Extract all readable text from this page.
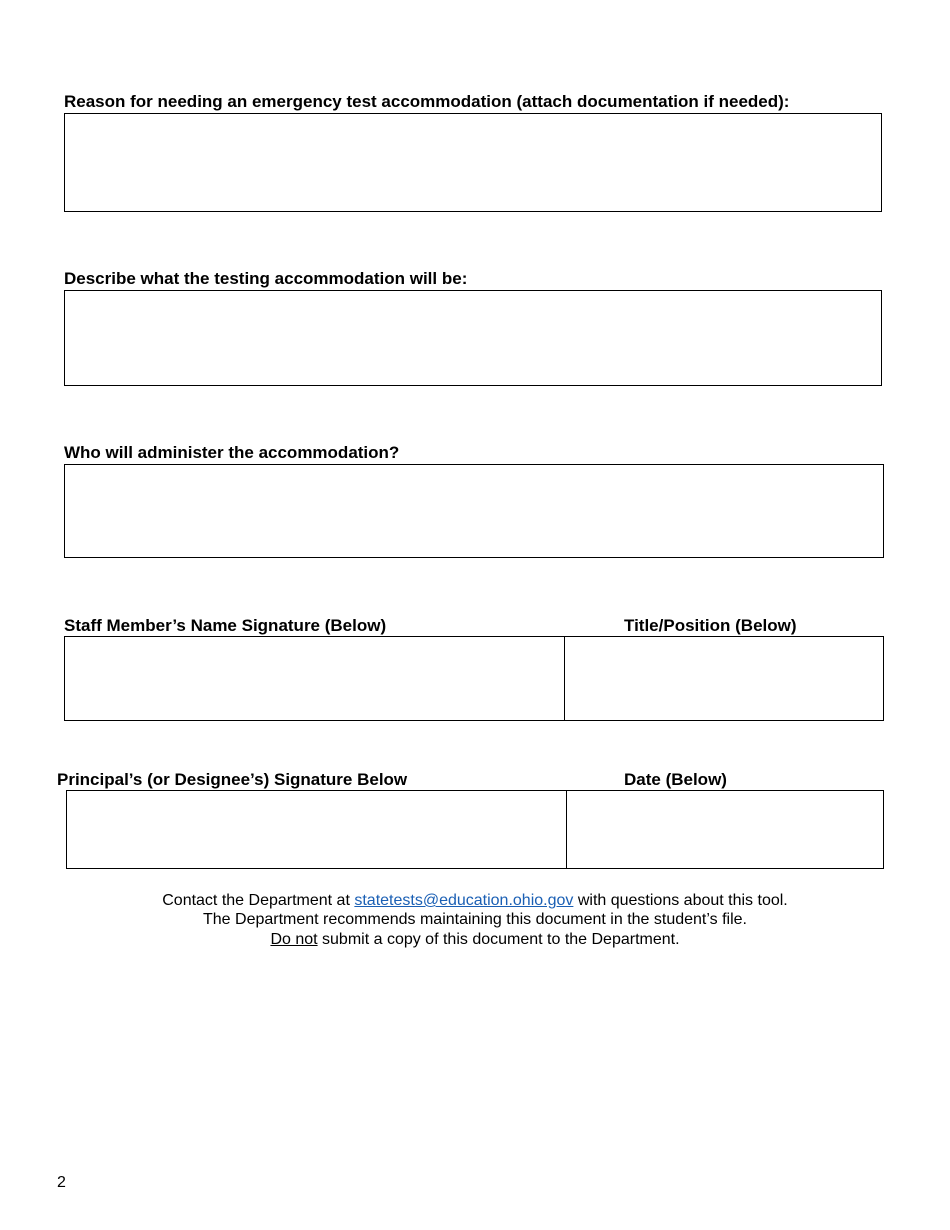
Reason for needing an emergency test accommodation (attach documentation if needed):
Describe what the testing accommodation will be:
Who will administer the accommodation?
Staff Member’s Name Signature (Below)	Title/Position (Below)
Principal’s (or Designee’s) Signature Below	Date (Below)
Contact the Department at statetests@education.ohio.gov with questions about this tool.
The Department recommends maintaining this document in the student’s file.
Do not submit a copy of this document to the Department.
2
